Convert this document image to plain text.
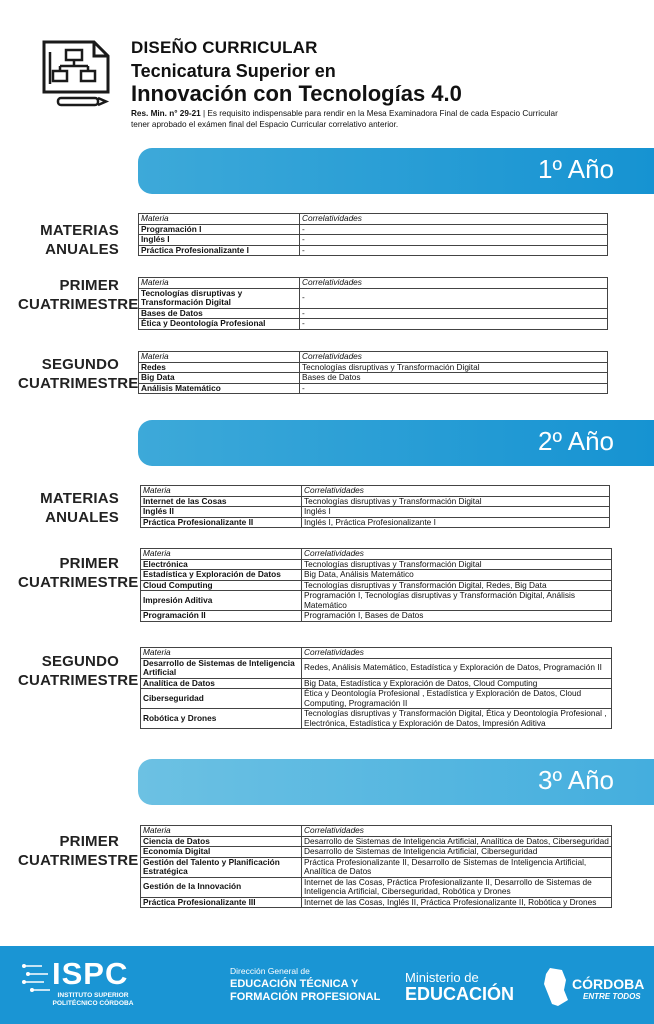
DISEÑO CURRICULAR
Tecnicatura Superior en
Innovación con Tecnologías 4.0
Res. Min. n° 29-21 | Es requisito indispensable para rendir en la Mesa Examinadora Final de cada Espacio Curricular tener aprobado el exámen final del Espacio Curricular correlativo anterior.
1º Año
2º Año
3º Año
MATERIAS ANUALES
PRIMER CUATRIMESTRE
SEGUNDO CUATRIMESTRE
MATERIAS ANUALES
PRIMER CUATRIMESTRE
SEGUNDO CUATRIMESTRE
PRIMER CUATRIMESTRE
Materia	Correlatividades
Programación I	-
Inglés I	-
Práctica Profesionalizante I	-
Materia	Correlatividades
Tecnologías disruptivas y Transformación Digital	-
Bases de Datos	-
Ética y Deontología Profesional	-
Materia	Correlatividades
Redes	Tecnologías disruptivas y Transformación Digital
Big Data	Bases de Datos
Análisis Matemático	-
Materia	Correlatividades
Internet de las Cosas	Tecnologías disruptivas y Transformación Digital
Inglés II	Inglés I
Práctica Profesionalizante II	Inglés I, Práctica Profesionalizante I
Materia	Correlatividades
Electrónica	Tecnologías disruptivas y Transformación Digital
Estadística y Exploración de Datos	Big Data, Análisis Matemático
Cloud Computing	Tecnologías disruptivas y Transformación Digital, Redes, Big Data
Impresión Aditiva	Programación I, Tecnologías disruptivas y Transformación Digital, Análisis Matemático
Programación II	Programación I, Bases de Datos
Materia	Correlatividades
Desarrollo de Sistemas de Inteligencia Artificial	Redes, Análisis Matemático, Estadística y Exploración de Datos, Programación II
Analítica de Datos	Big Data, Estadística y Exploración de Datos, Cloud Computing
Ciberseguridad	Ética y Deontología Profesional , Estadística y Exploración de Datos, Cloud Computing, Programación II
Robótica y Drones	Tecnologías disruptivas y Transformación Digital, Ética y Deontología Profesional , Electrónica, Estadística y Exploración de Datos, Impresión Aditiva
Materia	Correlatividades
Ciencia de Datos	Desarrollo de Sistemas de Inteligencia Artificial, Analítica de Datos, Ciberseguridad
Economía Digital	Desarrollo de Sistemas de Inteligencia Artificial, Ciberseguridad
Gestión del Talento y Planificación Estratégica	Práctica Profesionalizante II, Desarrollo de Sistemas de Inteligencia Artificial, Analítica de Datos
Gestión de la Innovación	Internet de las Cosas, Práctica Profesionalizante II, Desarrollo de Sistemas de Inteligencia Artificial, Ciberseguridad, Robótica y Drones
Práctica Profesionalizante III	Internet de las Cosas, Inglés II, Práctica Profesionalizante II, Robótica y Drones
ISPC
INSTITUTO SUPERIOR POLITÉCNICO CÓRDOBA
Dirección General de
EDUCACIÓN TÉCNICA Y
FORMACIÓN PROFESIONAL
Ministerio de
EDUCACIÓN	CÓRDOBA
ENTRE TODOS
